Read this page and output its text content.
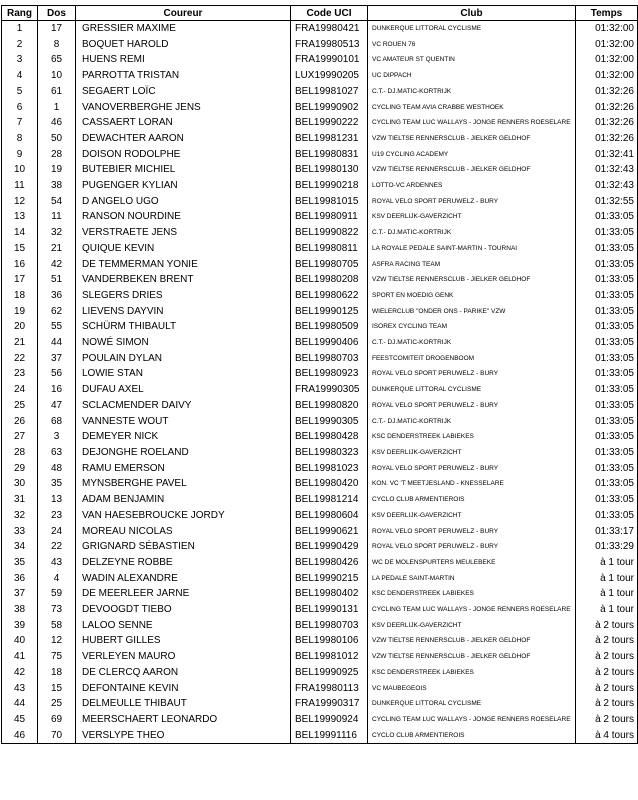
Rang	Dos	Coureur	Code UCI	Club	Temps
1	17	GRESSIER MAXIME	FRA19980421	DUNKERQUE LITTORAL CYCLISME	01:32:00
2	8	BOQUET HAROLD	FRA19980513	VC ROUEN 76	01:32:00
3	65	HUENS REMI	FRA19990101	VC AMATEUR ST QUENTIN	01:32:00
4	10	PARROTTA TRISTAN	LUX19990205	UC DIPPACH	01:32:00
5	61	SEGAERT LOÏC	BEL19981027	C.T.- DJ.MATIC-KORTRIJK	01:32:26
6	1	VANOVERBERGHE JENS	BEL19990902	CYCLING TEAM AVIA CRABBE WESTHOEK	01:32:26
7	46	CASSAERT LORAN	BEL19990222	CYCLING TEAM LUC WALLAYS - JONGE RENNERS ROESELARE	01:32:26
8	50	DEWACHTER AARON	BEL19981231	VZW TIELTSE RENNERSCLUB - JIELKER GELDHOF	01:32:26
9	28	DOISON RODOLPHE	BEL19980831	U19 CYCLING ACADEMY	01:32:41
10	19	BUTEBIER MICHIEL	BEL19980130	VZW TIELTSE RENNERSCLUB - JIELKER GELDHOF	01:32:43
11	38	PUGENGER KYLIAN	BEL19990218	LOTTO-VC ARDENNES	01:32:43
12	54	D ANGELO UGO	BEL19981015	ROYAL VELO SPORT PERUWELZ - BURY	01:32:55
13	11	RANSON NOURDINE	BEL19980911	KSV DEERLIJK-GAVERZICHT	01:33:05
14	32	VERSTRAETE JENS	BEL19990822	C.T.- DJ.MATIC-KORTRIJK	01:33:05
15	21	QUIQUE KEVIN	BEL19980811	LA ROYALE PEDALE SAINT-MARTIN - TOURNAI	01:33:05
16	42	DE TEMMERMAN YONIE	BEL19980705	ASFRA RACING TEAM	01:33:05
17	51	VANDERBEKEN BRENT	BEL19980208	VZW TIELTSE RENNERSCLUB - JIELKER GELDHOF	01:33:05
18	36	SLEGERS DRIES	BEL19980622	SPORT EN MOEDIG GENK	01:33:05
19	62	LIEVENS DAYVIN	BEL19990125	WIELERCLUB "ONDER ONS - PARIKE" VZW	01:33:05
20	55	SCHÜRM THIBAULT	BEL19980509	ISOREX CYCLING TEAM	01:33:05
21	44	NOWÉ SIMON	BEL19990406	C.T.- DJ.MATIC-KORTRIJK	01:33:05
22	37	POULAIN DYLAN	BEL19980703	FEESTCOMITEIT DROGENBOOM	01:33:05
23	56	LOWIE STAN	BEL19980923	ROYAL VELO SPORT PERUWELZ - BURY	01:33:05
24	16	DUFAU AXEL	FRA19990305	DUNKERQUE LITTORAL CYCLISME	01:33:05
25	47	SCLACMENDER DAIVY	BEL19980820	ROYAL VELO SPORT PERUWELZ - BURY	01:33:05
26	68	VANNESTE WOUT	BEL19990305	C.T.- DJ.MATIC-KORTRIJK	01:33:05
27	3	DEMEYER NICK	BEL19980428	KSC DENDERSTREEK LABIEKES	01:33:05
28	63	DEJONGHE ROELAND	BEL19980323	KSV DEERLIJK-GAVERZICHT	01:33:05
29	48	RAMU EMERSON	BEL19981023	ROYAL VELO SPORT PERUWELZ - BURY	01:33:05
30	35	MYNSBERGHE PAVEL	BEL19980420	KON. VC 'T MEETJESLAND - KNESSELARE	01:33:05
31	13	ADAM BENJAMIN	BEL19981214	CYCLO CLUB ARMENTIEROIS	01:33:05
32	23	VAN HAESEBROUCKE JORDY	BEL19980604	KSV DEERLIJK-GAVERZICHT	01:33:05
33	24	MOREAU NICOLAS	BEL19990621	ROYAL VELO SPORT PERUWELZ - BURY	01:33:17
34	22	GRIGNARD SÉBASTIEN	BEL19990429	ROYAL VELO SPORT PERUWELZ - BURY	01:33:29
35	43	DELZEYNE ROBBE	BEL19980426	WC DE MOLENSPURTERS MEULEBEKE	à 1 tour
36	4	WADIN ALEXANDRE	BEL19990215	LA PEDALE SAINT-MARTIN	à 1 tour
37	59	DE MEERLEER JARNE	BEL19980402	KSC DENDERSTREEK LABIEKES	à 1 tour
38	73	DEVOOGDT TIEBO	BEL19990131	CYCLING TEAM LUC WALLAYS - JONGE RENNERS ROESELARE	à 1 tour
39	58	LALOO SENNE	BEL19980703	KSV DEERLIJK-GAVERZICHT	à 2 tours
40	12	HUBERT GILLES	BEL19980106	VZW TIELTSE RENNERSCLUB - JIELKER GELDHOF	à 2 tours
41	75	VERLEYEN MAURO	BEL19981012	VZW TIELTSE RENNERSCLUB - JIELKER GELDHOF	à 2 tours
42	18	DE CLERCQ AARON	BEL19990925	KSC DENDERSTREEK LABIEKES	à 2 tours
43	15	DEFONTAINE KEVIN	FRA19980113	VC MAUBEGEOIS	à 2 tours
44	25	DELMEULLE THIBAUT	FRA19990317	DUNKERQUE LITTORAL CYCLISME	à 2 tours
45	69	MEERSCHAERT LEONARDO	BEL19990924	CYCLING TEAM LUC WALLAYS - JONGE RENNERS ROESELARE	à 2 tours
46	70	VERSLYPE THEO	BEL19991116	CYCLO CLUB ARMENTIEROIS	à 4 tours
